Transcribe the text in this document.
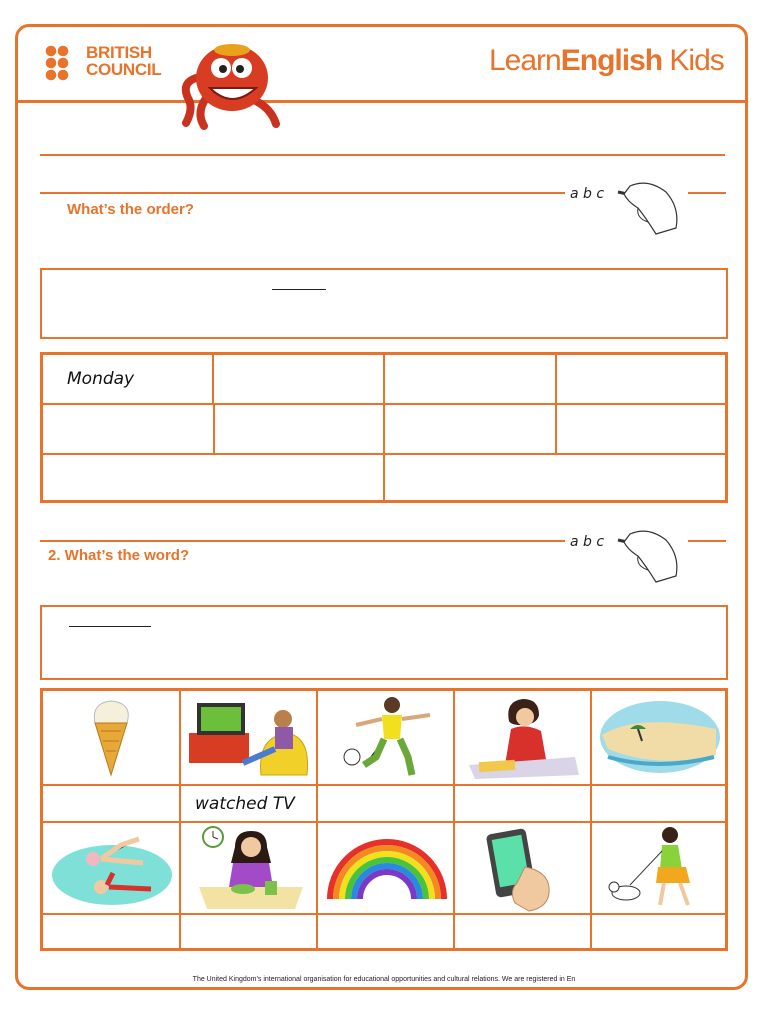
BRITISH
COUNCIL	LearnEnglish Kids
a b c
What’s the order?
Monday
a b c
2. What’s the word?
watched TV
The United Kingdom’s international organisation for educational opportunities and cultural relations. We are registered in En
